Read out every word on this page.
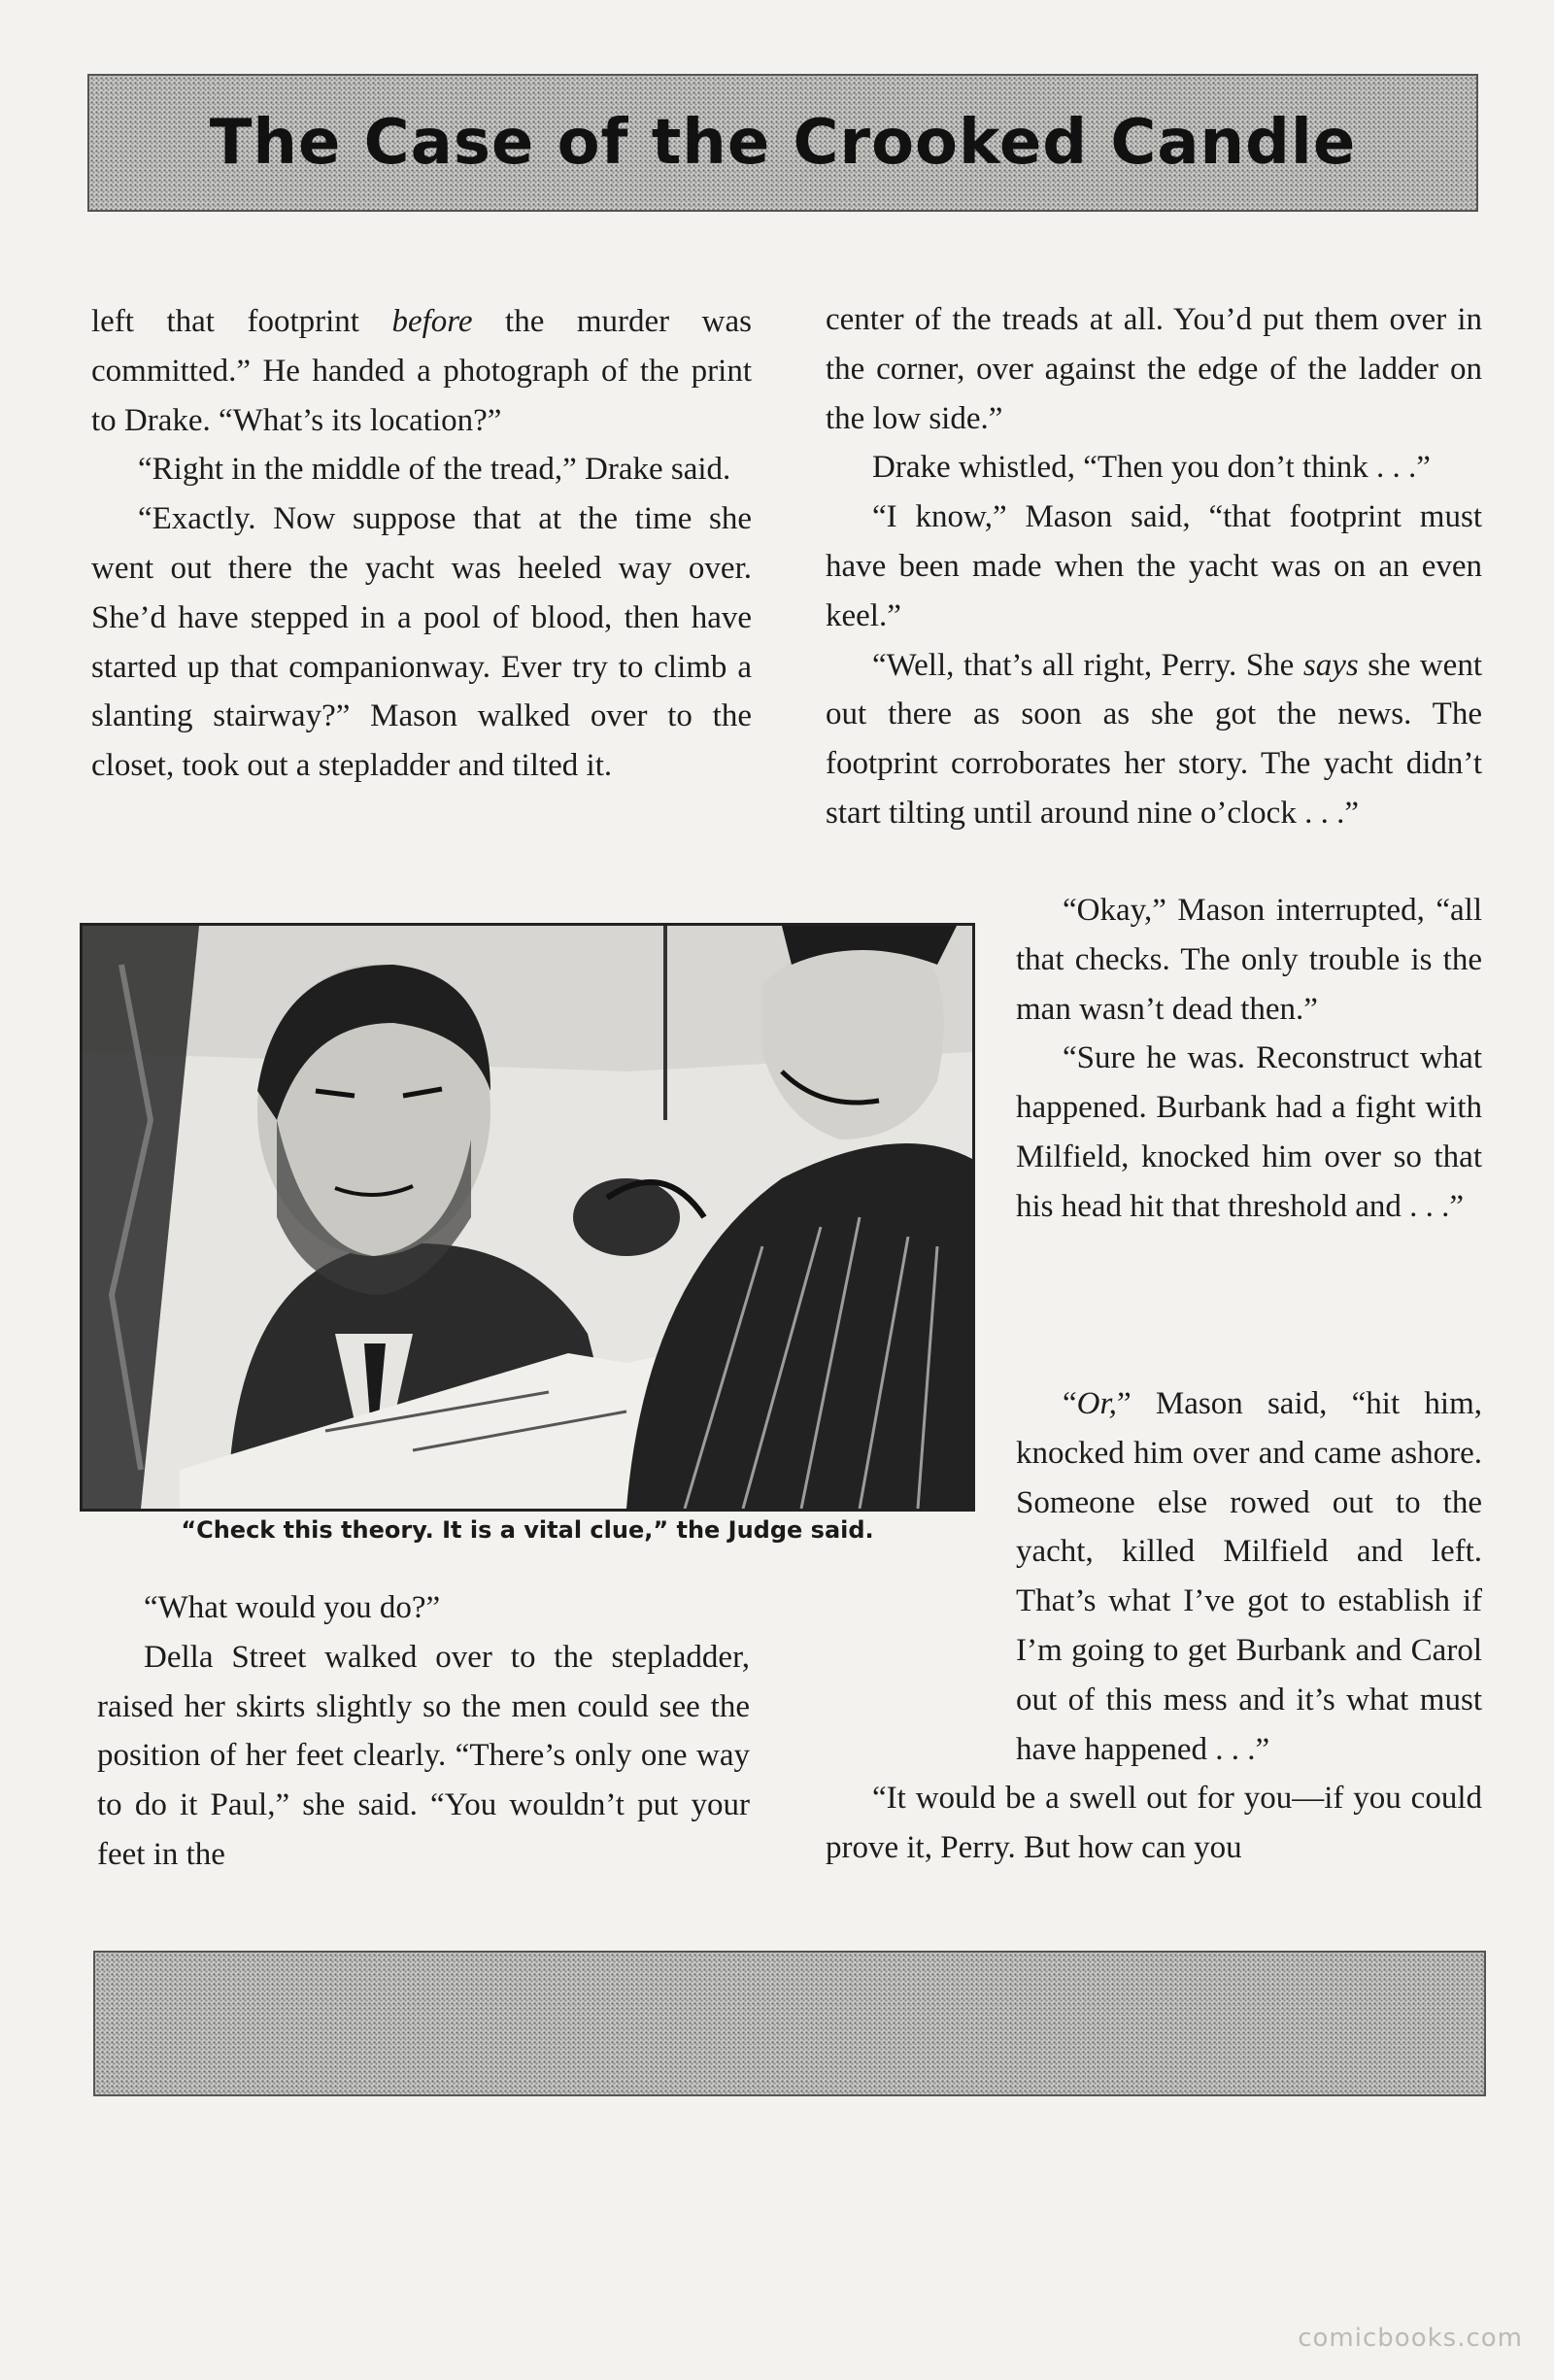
The Case of the Crooked Candle

left that footprint before the murder was committed.” He handed a photograph of the print to Drake. “What’s its location?”

“Right in the middle of the tread,” Drake said.

“Exactly. Now suppose that at the time she went out there the yacht was heeled way over. She’d have stepped in a pool of blood, then have started up that companionway. Ever try to climb a slanting stairway?” Mason walked over to the closet, took out a stepladder and tilted it.

center of the treads at all. You’d put them over in the corner, over against the edge of the ladder on the low side.”

Drake whistled, “Then you don’t think . . .”

“I know,” Mason said, “that footprint must have been made when the yacht was on an even keel.”

“Well, that’s all right, Perry. She says she went out there as soon as she got the news. The footprint corroborates her story. The yacht didn’t start tilting until around nine o’clock . . .”

“Check this theory. It is a vital clue,” the Judge said.

“Okay,” Mason interrupted, “all that checks. The only trouble is the man wasn’t dead then.”

“Sure he was. Reconstruct what happened. Burbank had a fight with Milfield, knocked him over so that his head hit that threshold and . . .”

“Or,” Mason said, “hit him, knocked him over and came ashore. Someone else rowed out to the yacht, killed Milfield and left. That’s what I’ve got to establish if I’m going to get Burbank and Carol out of this mess and it’s what must have happened . . .”

“It would be a swell out for you—if you could prove it, Perry. But how can you

“What would you do?”

Della Street walked over to the stepladder, raised her skirts slightly so the men could see the position of her feet clearly. “There’s only one way to do it Paul,” she said. “You wouldn’t put your feet in the

comicbooks.com
